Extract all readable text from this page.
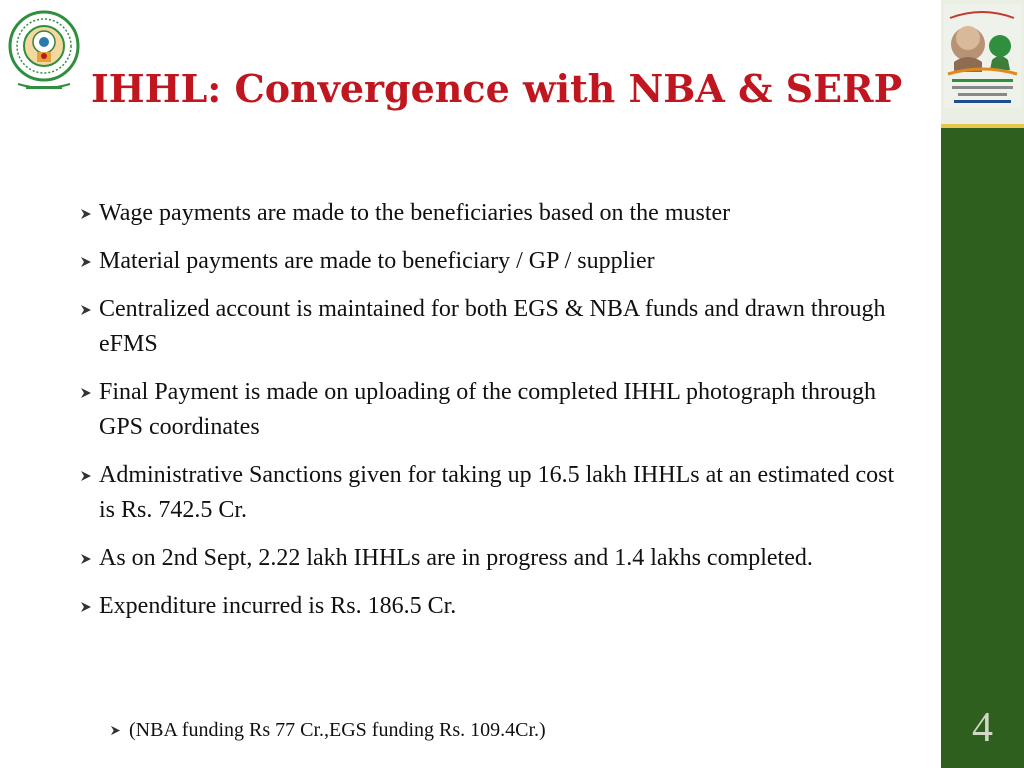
IHHL: Convergence with NBA & SERP
Wage payments are made to the beneficiaries based on the muster
Material payments are made to beneficiary / GP / supplier
Centralized account is maintained for both EGS & NBA funds and drawn through eFMS
Final Payment is made on uploading of the completed IHHL photograph through GPS coordinates
Administrative Sanctions given for taking up 16.5 lakh IHHLs at an estimated cost is Rs. 742.5 Cr.
As on 2nd Sept, 2.22 lakh IHHLs are in progress and 1.4 lakhs completed.
Expenditure incurred is Rs. 186.5 Cr.
(NBA funding Rs 77 Cr.,EGS funding Rs. 109.4Cr.)	4
